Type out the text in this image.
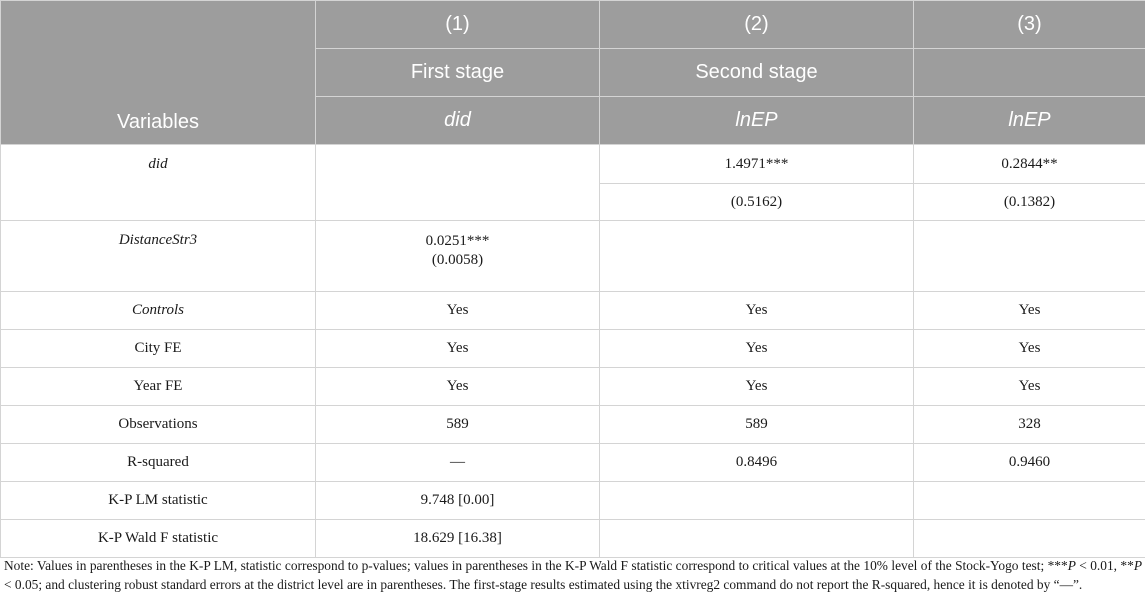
Variables	(1)	(2)	(3)
	First stage	Second stage	
	did	lnEP	lnEP
did		1.4971***	0.2844**
		(0.5162)	(0.1382)
DistanceStr3	0.0251***
(0.0058)		

Controls	Yes	Yes	Yes
City FE	Yes	Yes	Yes
Year FE	Yes	Yes	Yes
Observations	589	589	328
R-squared	—	0.8496	0.9460
K-P LM statistic	9.748 [0.00]		
K-P Wald F statistic	18.629 [16.38]		
Note: Values in parentheses in the K-P LM, statistic correspond to p-values; values in parentheses in the K-P Wald F statistic correspond to critical values at the 10% level of the Stock-Yogo test; ***P < 0.01, **P < 0.05; and clustering robust standard errors at the district level are in parentheses. The first-stage results estimated using the xtivreg2 command do not report the R-squared, hence it is denoted by “—”.
